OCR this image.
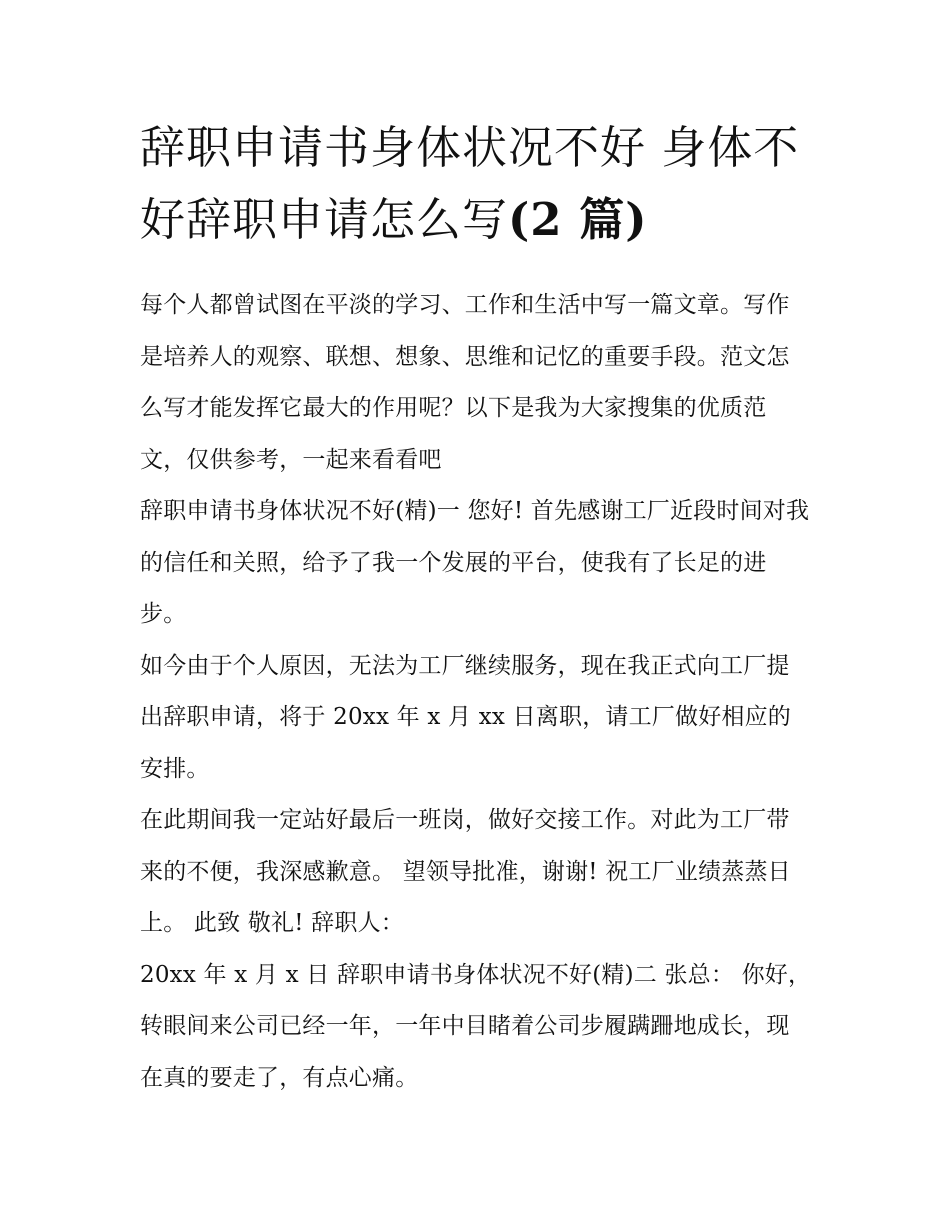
辞职申请书身体状况不好 身体不好辞职申请怎么写(2 篇)

每个人都曾试图在平淡的学习、工作和生活中写一篇文章。写作是培养人的观察、联想、想象、思维和记忆的重要手段。范文怎么写才能发挥它最大的作用呢？以下是我为大家搜集的优质范文，仅供参考，一起来看看吧

辞职申请书身体状况不好(精)一 您好! 首先感谢工厂近段时间对我的信任和关照，给予了我一个发展的平台，使我有了长足的进步。

如今由于个人原因，无法为工厂继续服务，现在我正式向工厂提出辞职申请，将于 20xx 年 x 月 xx 日离职，请工厂做好相应的安排。

在此期间我一定站好最后一班岗，做好交接工作。对此为工厂带来的不便，我深感歉意。 望领导批准，谢谢! 祝工厂业绩蒸蒸日上。 此致 敬礼! 辞职人：

20xx 年 x 月 x 日 辞职申请书身体状况不好(精)二 张总： 你好，转眼间来公司已经一年，一年中目睹着公司步履蹒跚地成长，现在真的要走了，有点心痛。
